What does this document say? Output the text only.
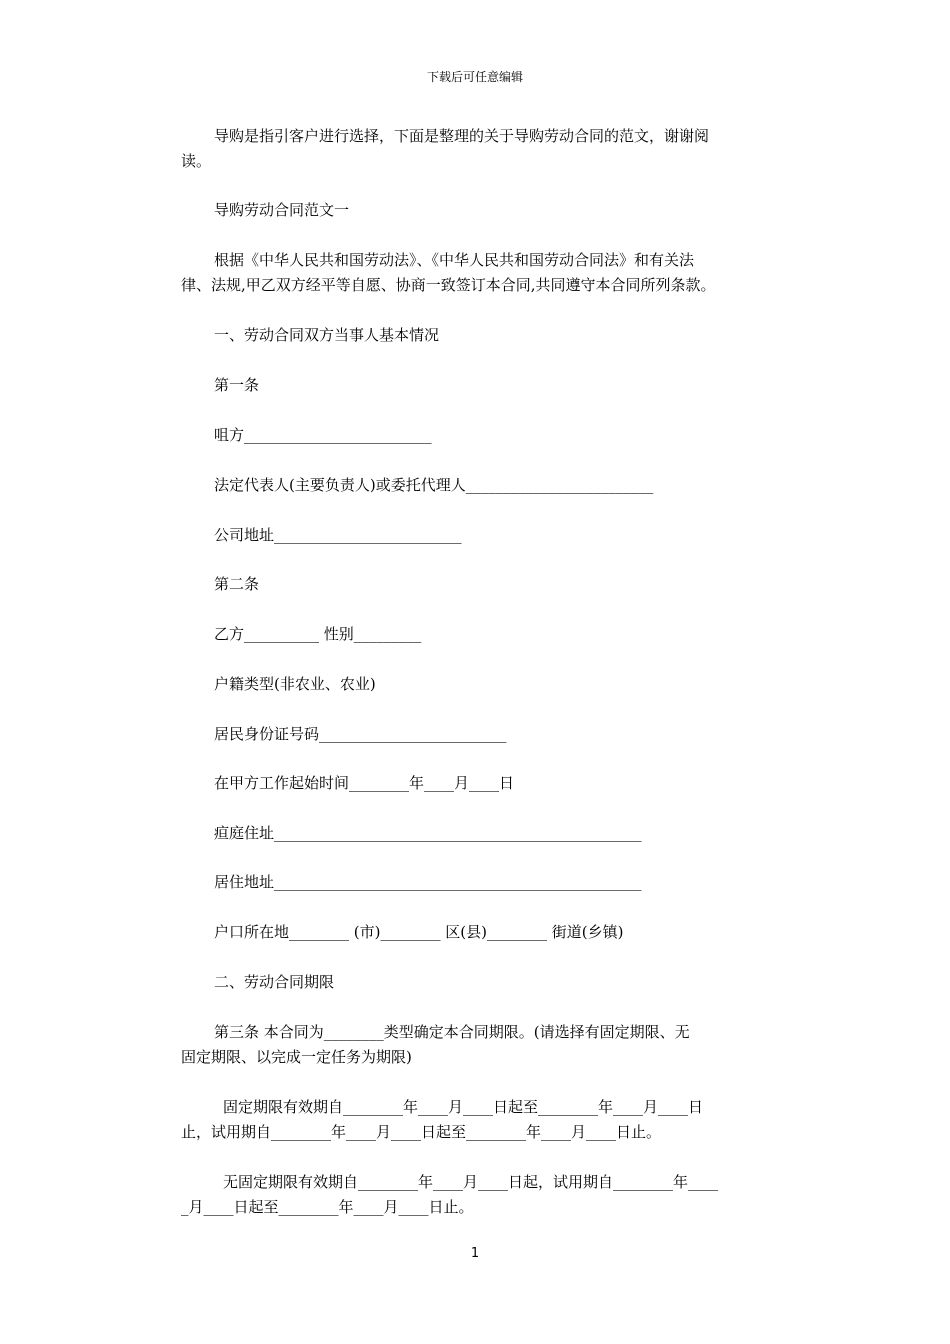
下载后可任意编辑
导购是指引客户进行选择，下面是整理的关于导购劳动合同的范文，谢谢阅
读。
导购劳动合同范文一
根据《中华人民共和国劳动法》、《中华人民共和国劳动合同法》和有关法
律、法规,甲乙双方经平等自愿、协商一致签订本合同,共同遵守本合同所列条款。
一、劳动合同双方当事人基本情况
第一条
咀方_________________________
法定代表人(主要负责人)或委托代理人_________________________
公司地址_________________________
第二条
乙方__________ 性别_________
户籍类型(非农业、农业)
居民身份证号码_________________________
在甲方工作起始时间________年____月____日
疸庭住址_________________________________________________
居住地址_________________________________________________
户口所在地________ (市)________ 区(县)________ 街道(乡镇)
二、劳动合同期限
第三条 本合同为________类型确定本合同期限。(请选择有固定期限、无
固定期限、以完成一定任务为期限)
固定期限有效期自________年____月____日起至________年____月____日
止，试用期自________年____月____日起至________年____月____日止。
无固定期限有效期自________年____月____日起，试用期自________年____
_月____日起至________年____月____日止。
1
